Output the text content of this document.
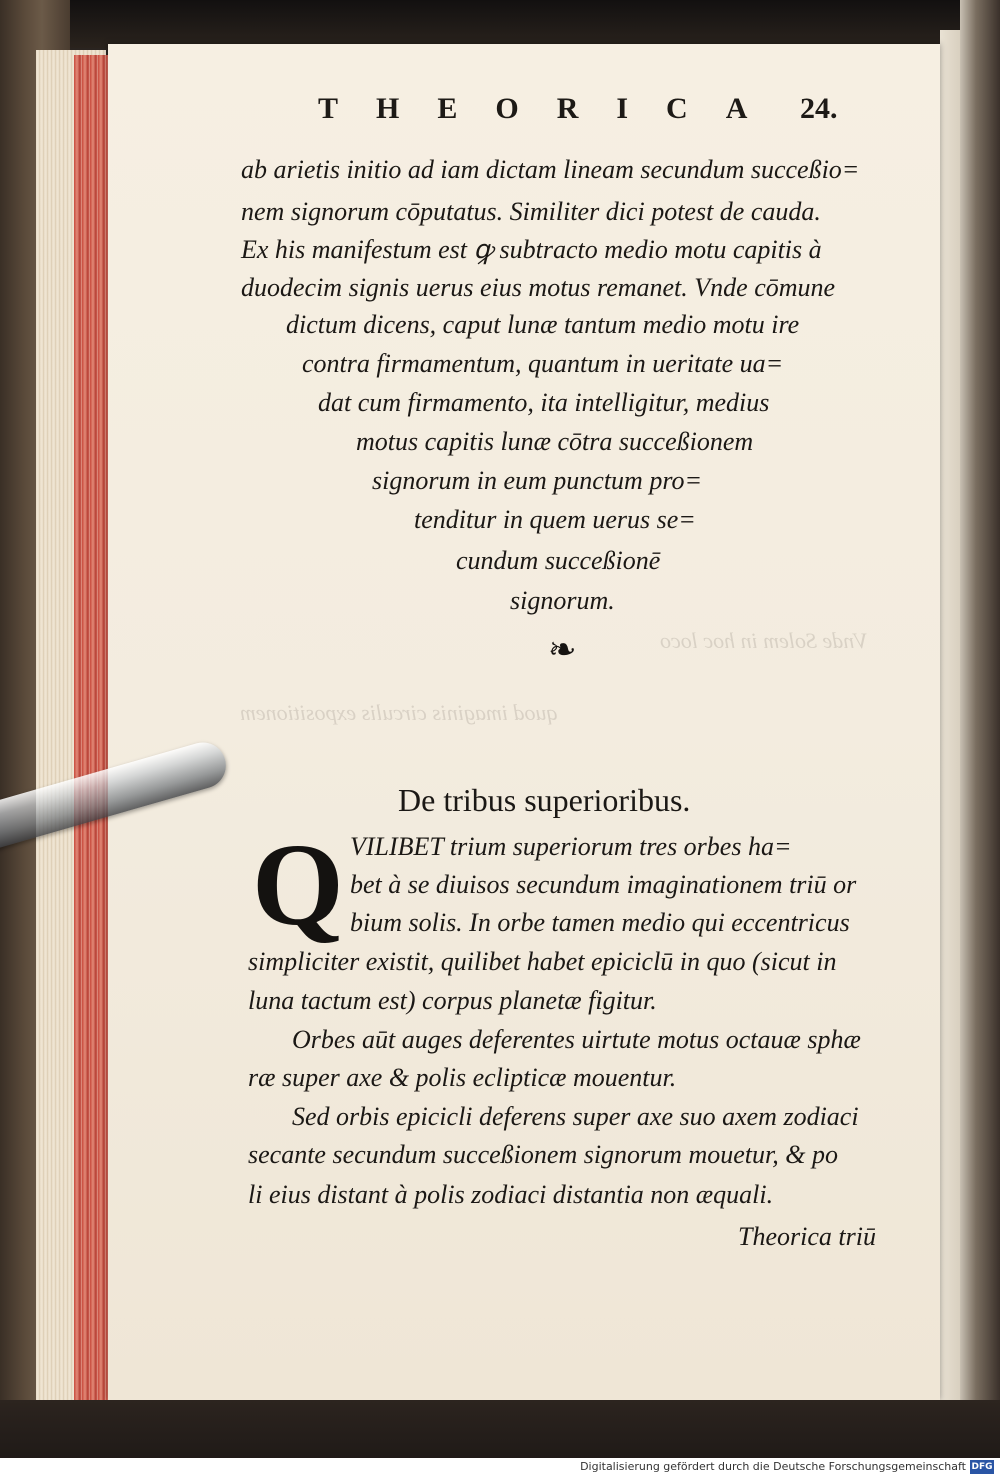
Vnde Solem in hoc loco
quod imaginis circulis expositionem
THEORICA 24.
ab arietis initio ad iam dictam lineam secundum succeßio=
nem signorum cōputatus. Similiter dici potest de cauda.
Ex his manifestum est ꝙ subtracto medio motu capitis à
duodecim signis uerus eius motus remanet. Vnde cōmune
dictum dicens, caput lunæ tantum medio motu ire
contra firmamentum, quantum in ueritate ua=
dat cum firmamento, ita intelligitur, medius
motus capitis lunæ cōtra succeßionem
signorum in eum punctum pro=
tenditur in quem uerus se=
cundum succeßionē
signorum.
❧
De tribus superioribus.
Q VILIBET trium superiorum tres orbes ha=
bet à se diuisos secundum imaginationem triū or
bium solis. In orbe tamen medio qui eccentricus
simpliciter existit, quilibet habet epiciclū in quo (sicut in
luna tactum est) corpus planetæ figitur.
Orbes aūt auges deferentes uirtute motus octauæ sphæ
ræ super axe & polis eclipticæ mouentur.
Sed orbis epicicli deferens super axe suo axem zodiaci
secante secundum succeßionem signorum mouetur, & po
li eius distant à polis zodiaci distantia non æquali.
Theorica triū
Digitalisierung gefördert durch die Deutsche Forschungsgemeinschaft DFG
